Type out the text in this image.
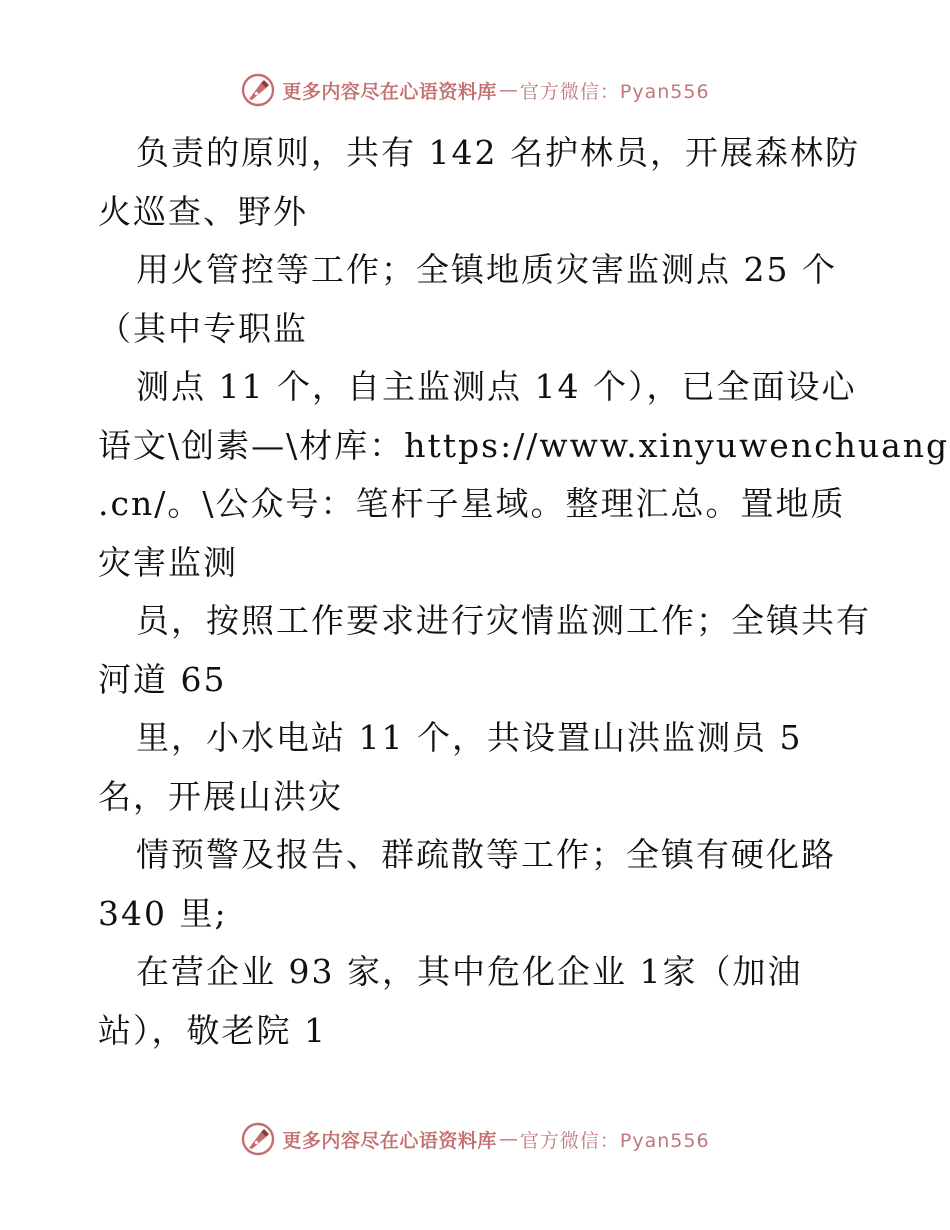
更多内容尽在心语资料库 — 官方微信：Pyan556
负责的原则，共有 142 名护林员，开展森林防
火巡查、野外
用火管控等工作；全镇地质灾害监测点 25 个
（其中专职监
测点 11 个，自主监测点 14 个），已全面设心
语文\创素—\材库：https://www.xinyuwenchuang
.cn/。\公众号：笔杆子星域。整理汇总。置地质
灾害监测
员，按照工作要求进行灾情监测工作；全镇共有
河道 65
里，小水电站 11 个，共设置山洪监测员 5
名，开展山洪灾
情预警及报告、群疏散等工作；全镇有硬化路
340 里;
在营企业 93 家，其中危化企业 1家（加油
站），敬老院 1
更多内容尽在心语资料库 — 官方微信：Pyan556
